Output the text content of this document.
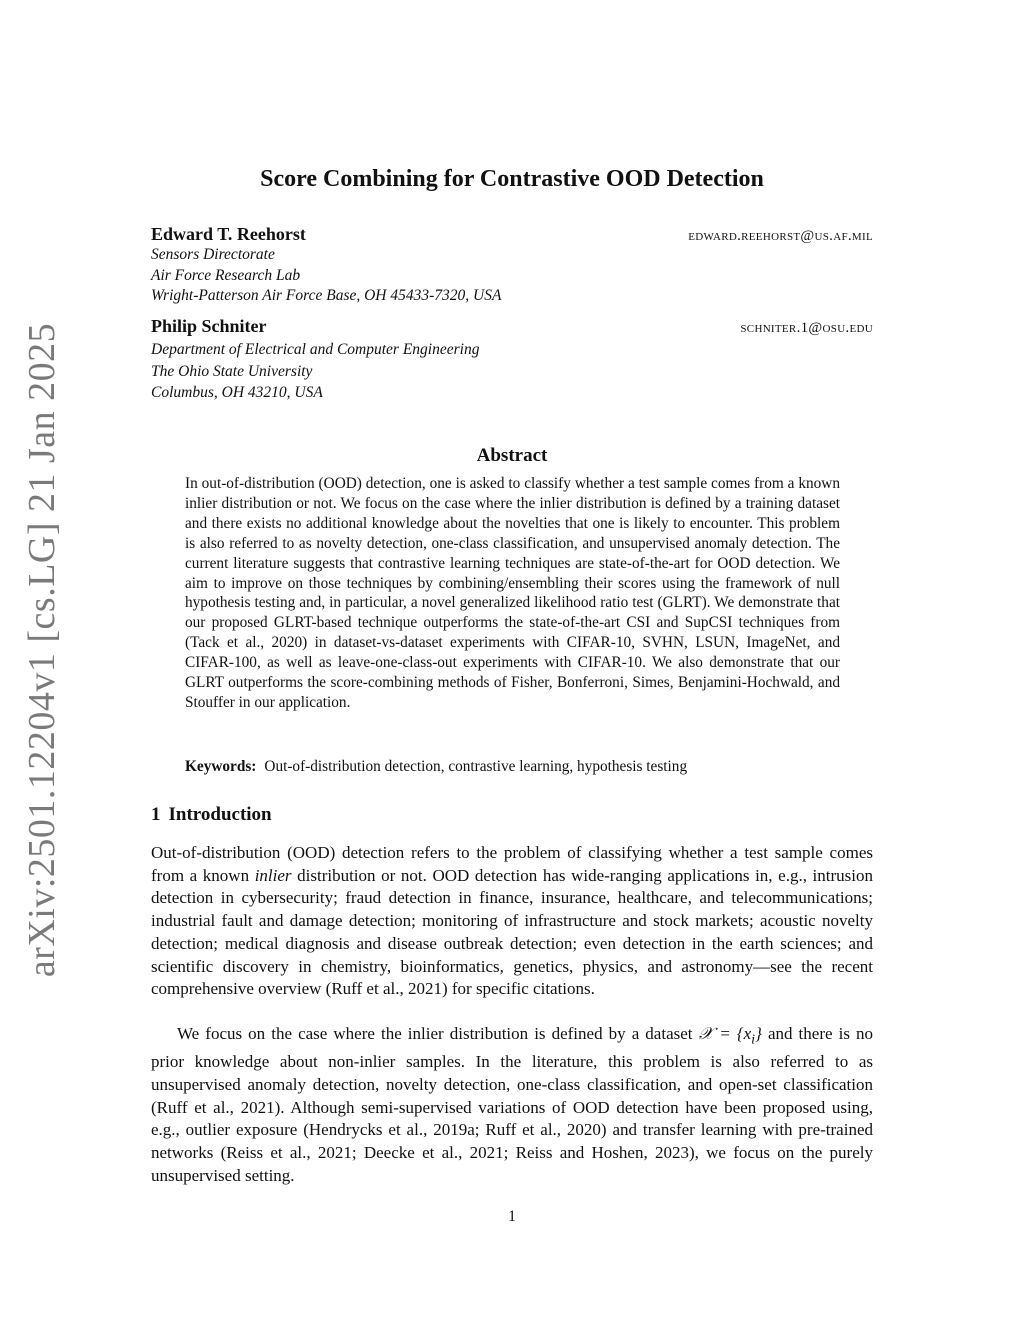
arXiv:2501.12204v1 [cs.LG] 21 Jan 2025
Score Combining for Contrastive OOD Detection
Edward T. Reehorst	edward.reehorst@us.af.mil
Sensors Directorate
Air Force Research Lab
Wright-Patterson Air Force Base, OH 45433-7320, USA
Philip Schniter	schniter.1@osu.edu
Department of Electrical and Computer Engineering
The Ohio State University
Columbus, OH 43210, USA
Abstract
In out-of-distribution (OOD) detection, one is asked to classify whether a test sample comes from a known inlier distribution or not. We focus on the case where the inlier distribution is defined by a training dataset and there exists no additional knowledge about the novelties that one is likely to encounter. This problem is also referred to as novelty detection, one-class classification, and unsupervised anomaly detection. The current literature suggests that contrastive learning techniques are state-of-the-art for OOD detection. We aim to improve on those techniques by combining/ensembling their scores using the framework of null hypothesis testing and, in particular, a novel generalized likelihood ratio test (GLRT). We demonstrate that our proposed GLRT-based technique outperforms the state-of-the-art CSI and SupCSI techniques from (Tack et al., 2020) in dataset-vs-dataset experiments with CIFAR-10, SVHN, LSUN, ImageNet, and CIFAR-100, as well as leave-one-class-out experiments with CIFAR-10. We also demonstrate that our GLRT outperforms the score-combining methods of Fisher, Bonferroni, Simes, Benjamini-Hochwald, and Stouffer in our application.
Keywords: Out-of-distribution detection, contrastive learning, hypothesis testing
1 Introduction

Out-of-distribution (OOD) detection refers to the problem of classifying whether a test sample comes from a known inlier distribution or not. OOD detection has wide-ranging applications in, e.g., intrusion detection in cybersecurity; fraud detection in finance, insurance, healthcare, and telecommunications; industrial fault and damage detection; monitoring of infrastructure and stock markets; acoustic novelty detection; medical diagnosis and disease outbreak detection; even detection in the earth sciences; and scientific discovery in chemistry, bioinformatics, genetics, physics, and astronomy—see the recent comprehensive overview (Ruff et al., 2021) for specific citations.

We focus on the case where the inlier distribution is defined by a dataset 𝒳 = $\{x_i\}$ and there is no prior knowledge about non-inlier samples. In the literature, this problem is also referred to as unsupervised anomaly detection, novelty detection, one-class classification, and open-set classification (Ruff et al., 2021). Although semi-supervised variations of OOD detection have been proposed using, e.g., outlier exposure (Hendrycks et al., 2019a; Ruff et al., 2020) and transfer learning with pre-trained networks (Reiss et al., 2021; Deecke et al., 2021; Reiss and Hoshen, 2023), we focus on the purely unsupervised setting.

1
